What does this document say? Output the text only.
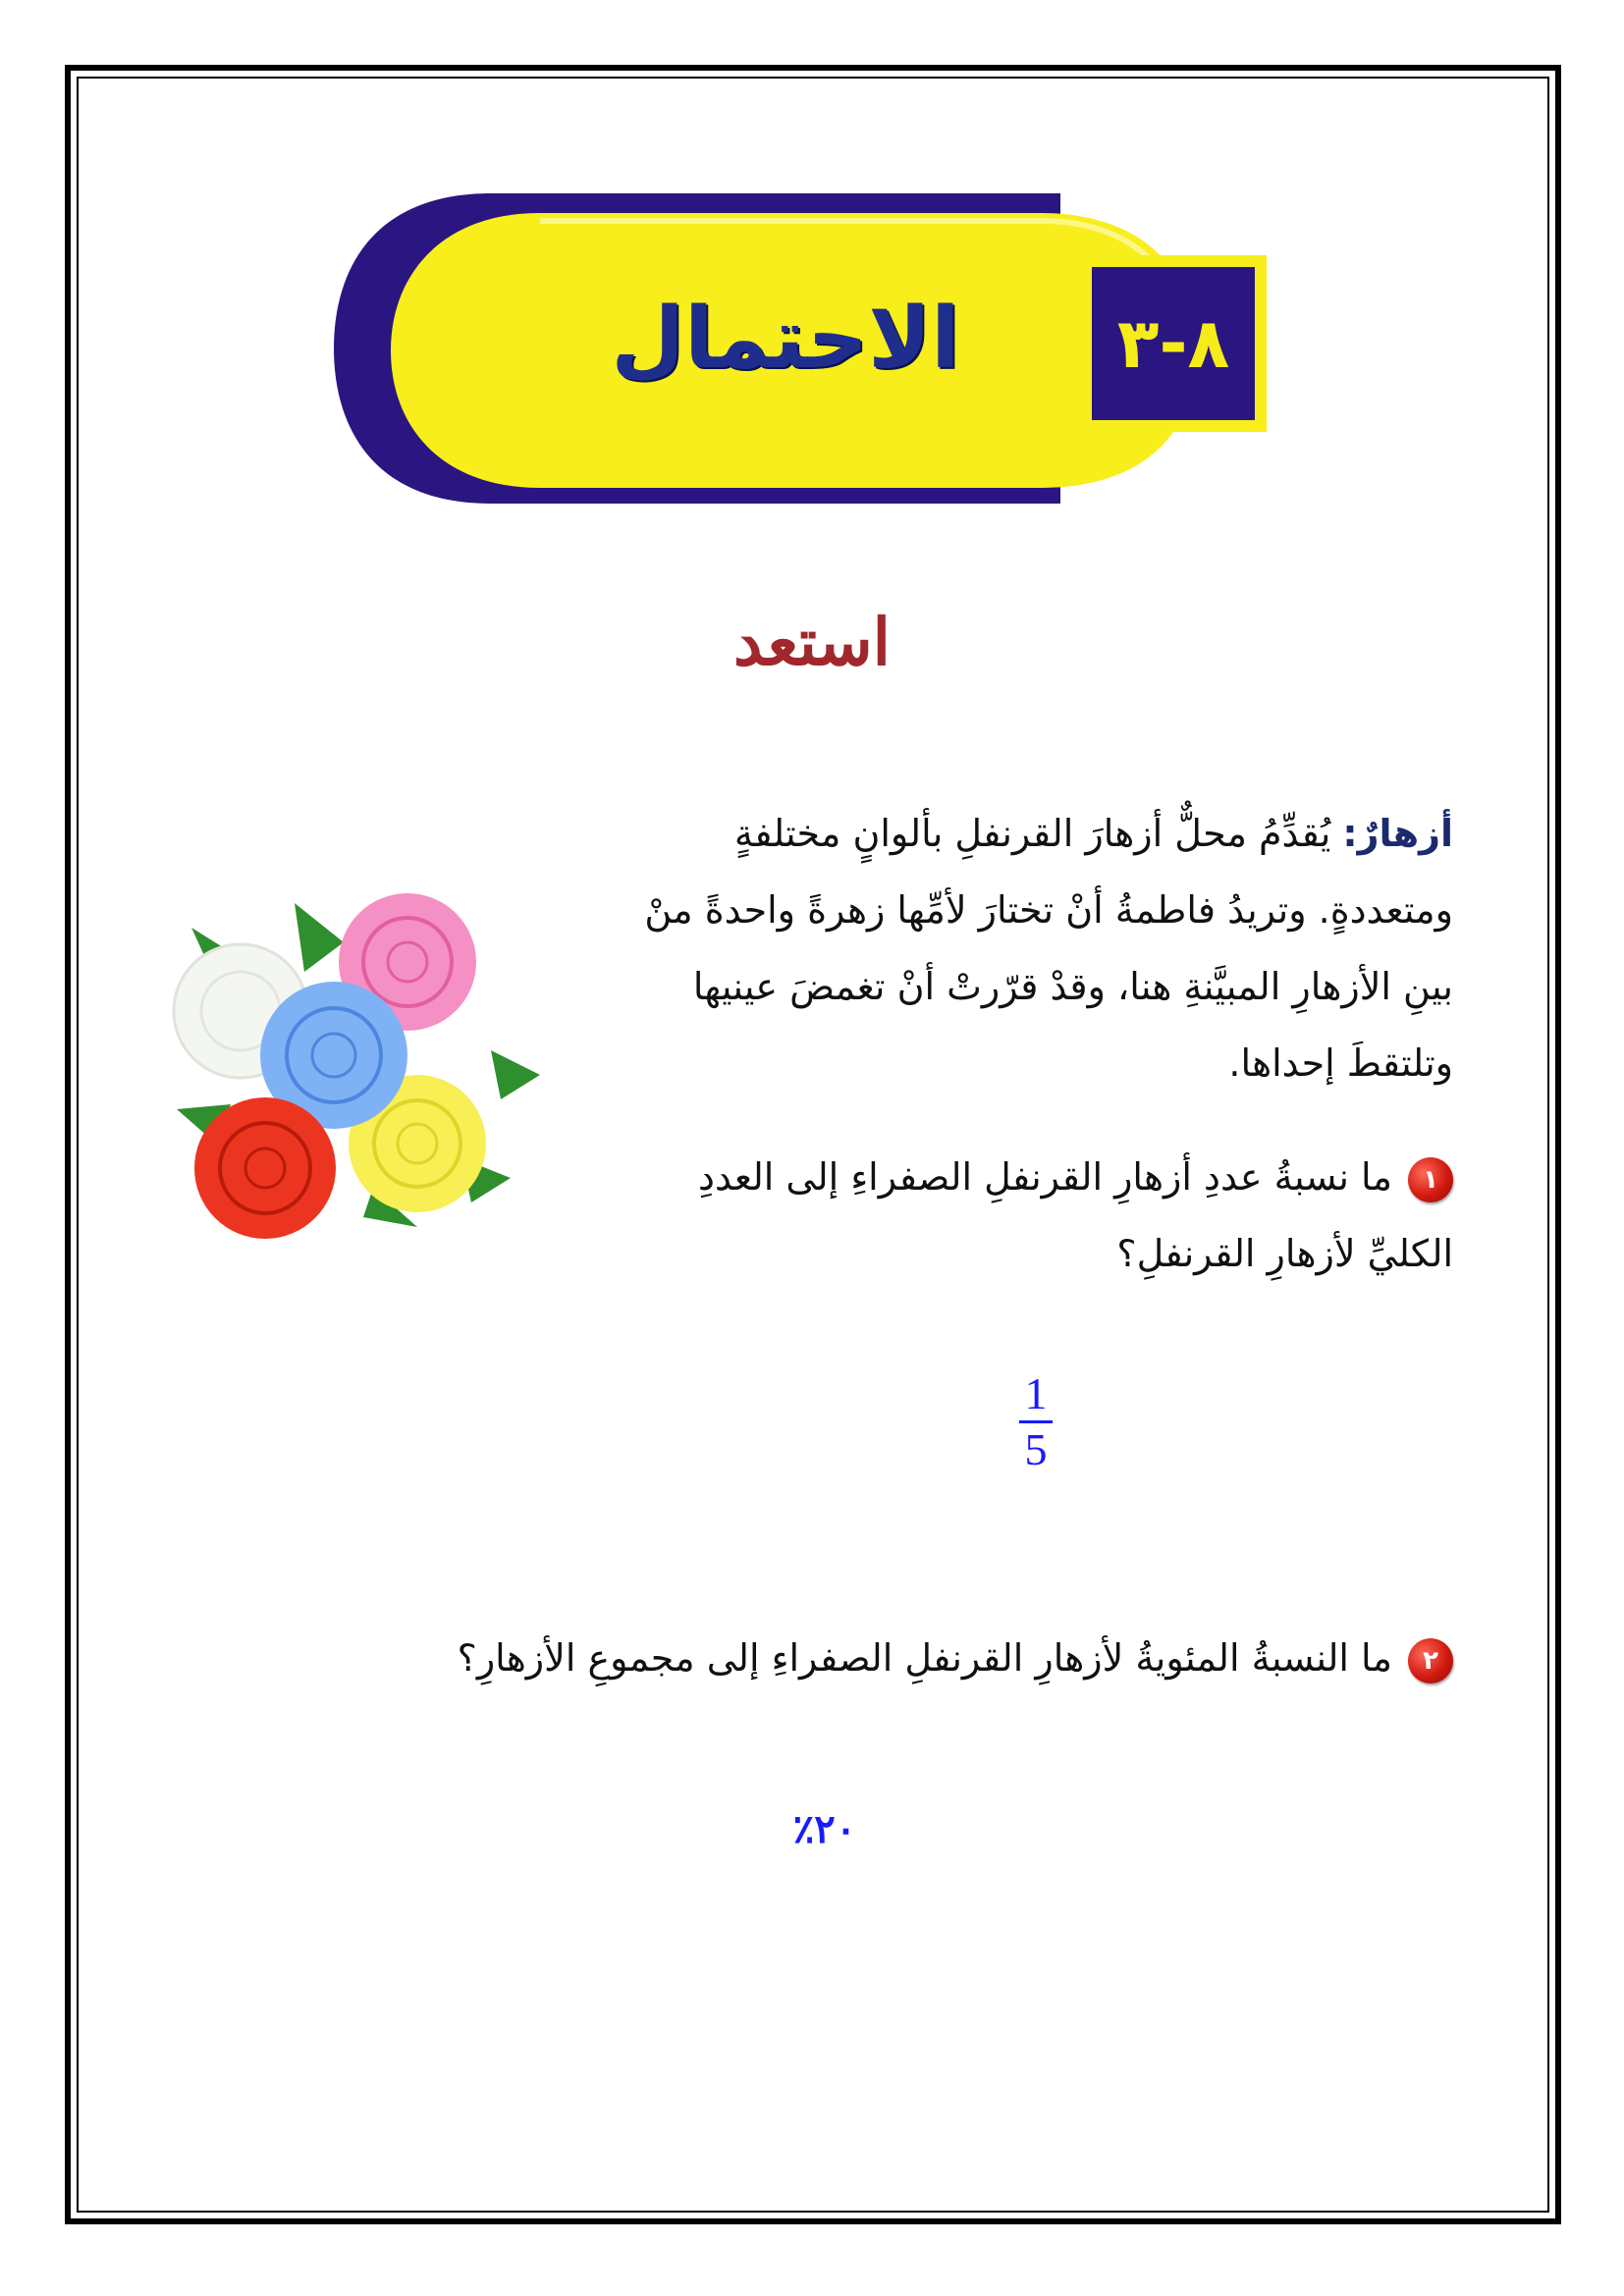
الاحتمال	٨-٣
استعد
أزهارٌ: يُقدِّمُ محلٌّ أزهارَ القرنفلِ بألوانٍ مختلفةٍ ومتعددةٍ. وتريدُ فاطمةُ أنْ تختارَ لأمِّها زهرةً واحدةً منْ بينِ الأزهارِ المبيَّنةِ هنا، وقدْ قرّرتْ أنْ تغمضَ عينيها وتلتقطَ إحداها.
١ما نسبةُ عددِ أزهارِ القرنفلِ الصفراءِ إلى العددِ الكليِّ لأزهارِ القرنفلِ؟
1
5
٢ما النسبةُ المئويةُ لأزهارِ القرنفلِ الصفراءِ إلى مجموعِ الأزهارِ؟
٢٠٪
